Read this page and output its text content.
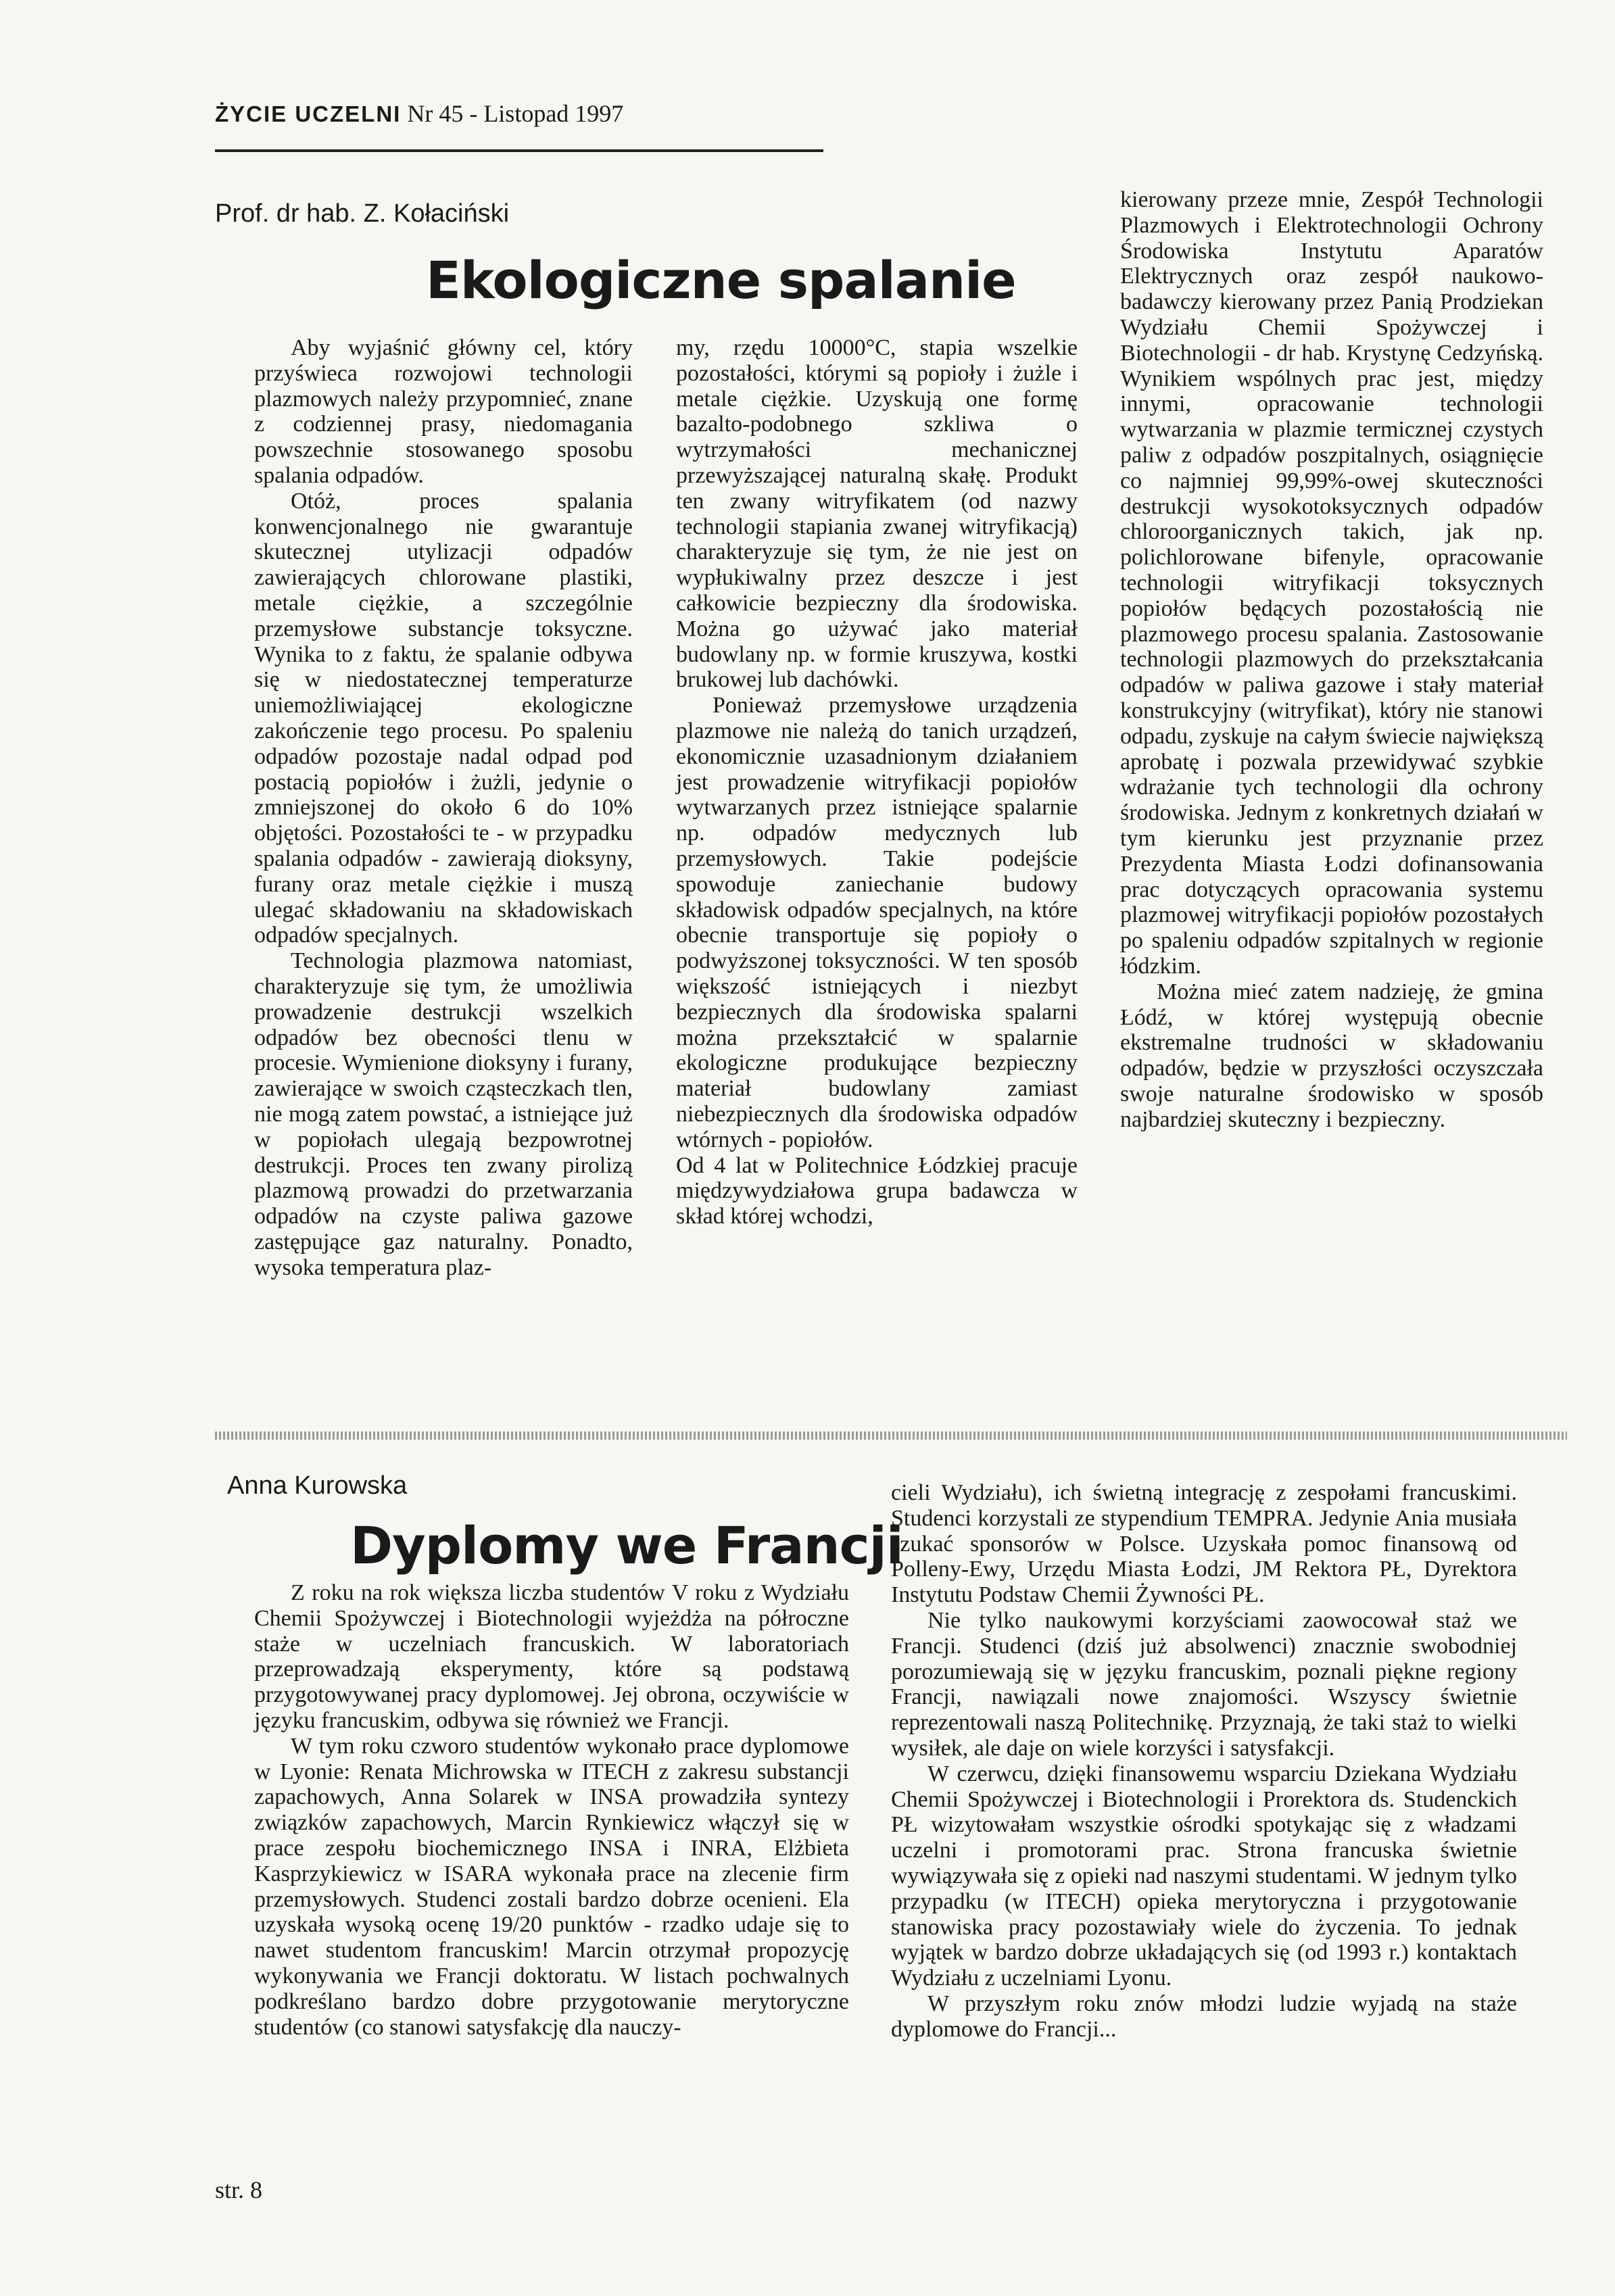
ŻYCIE UCZELNI Nr 45 - Listopad 1997
Prof. dr hab. Z. Kołaciński
Ekologiczne spalanie

Aby wyjaśnić główny cel, który przyświeca rozwojowi technologii plazmowych należy przypomnieć, znane z codziennej prasy, niedomagania powszechnie stosowanego sposobu spalania odpadów.

Otóż, proces spalania konwencjonalnego nie gwarantuje skutecznej utylizacji odpadów zawierających chlorowane plastiki, metale ciężkie, a szczególnie przemysłowe substancje toksyczne. Wynika to z faktu, że spalanie odbywa się w niedostatecznej temperaturze uniemożliwiającej ekologiczne zakończenie tego procesu. Po spaleniu odpadów pozostaje nadal odpad pod postacią popiołów i żużli, jedynie o zmniejszonej do około 6 do 10% objętości. Pozostałości te - w przypadku spalania odpadów - zawierają dioksyny, furany oraz metale ciężkie i muszą ulegać składowaniu na składowiskach odpadów specjalnych.

Technologia plazmowa natomiast, charakteryzuje się tym, że umożliwia prowadzenie destrukcji wszelkich odpadów bez obecności tlenu w procesie. Wymienione dioksyny i furany, zawierające w swoich cząsteczkach tlen, nie mogą zatem powstać, a istniejące już w popiołach ulegają bezpowrotnej destrukcji. Proces ten zwany pirolizą plazmową prowadzi do przetwarzania odpadów na czyste paliwa gazowe zastępujące gaz naturalny. Ponadto, wysoka temperatura plaz-

my, rzędu 10000°C, stapia wszelkie pozostałości, którymi są popioły i żużle i metale ciężkie. Uzyskują one formę bazalto-podobnego szkliwa o wytrzymałości mechanicznej przewyższającej naturalną skałę. Produkt ten zwany witryfikatem (od nazwy technologii stapiania zwanej witryfikacją) charakteryzuje się tym, że nie jest on wypłukiwalny przez deszcze i jest całkowicie bezpieczny dla środowiska. Można go używać jako materiał budowlany np. w formie kruszywa, kostki brukowej lub dachówki.

Ponieważ przemysłowe urządzenia plazmowe nie należą do tanich urządzeń, ekonomicznie uzasadnionym działaniem jest prowadzenie witryfikacji popiołów wytwarzanych przez istniejące spalarnie np. odpadów medycznych lub przemysłowych. Takie podejście spowoduje zaniechanie budowy składowisk odpadów specjalnych, na które obecnie transportuje się popioły o podwyższonej toksyczności. W ten sposób większość istniejących i niezbyt bezpiecznych dla środowiska spalarni można przekształcić w spalarnie ekologiczne produkujące bezpieczny materiał budowlany zamiast niebezpiecznych dla środowiska odpadów wtórnych - popiołów.

Od 4 lat w Politechnice Łódzkiej pracuje międzywydziałowa grupa badawcza w skład której wchodzi,

kierowany przeze mnie, Zespół Technologii Plazmowych i Elektrotechnologii Ochrony Środowiska Instytutu Aparatów Elektrycznych oraz zespół naukowo-badawczy kierowany przez Panią Prodziekan Wydziału Chemii Spożywczej i Biotechnologii - dr hab. Krystynę Cedzyńską. Wynikiem wspólnych prac jest, między innymi, opracowanie technologii wytwarzania w plazmie termicznej czystych paliw z odpadów poszpitalnych, osiągnięcie co najmniej 99,99%-owej skuteczności destrukcji wysokotoksycznych odpadów chloroorganicznych takich, jak np. polichlorowane bifenyle, opracowanie technologii witryfikacji toksycznych popiołów będących pozostałością nie plazmowego procesu spalania. Zastosowanie technologii plazmowych do przekształcania odpadów w paliwa gazowe i stały materiał konstrukcyjny (witryfikat), który nie stanowi odpadu, zyskuje na całym świecie największą aprobatę i pozwala przewidywać szybkie wdrażanie tych technologii dla ochrony środowiska. Jednym z konkretnych działań w tym kierunku jest przyznanie przez Prezydenta Miasta Łodzi dofinansowania prac dotyczących opracowania systemu plazmowej witryfikacji popiołów pozostałych po spaleniu odpadów szpitalnych w regionie łódzkim.

Można mieć zatem nadzieję, że gmina Łódź, w której występują obecnie ekstremalne trudności w składowaniu odpadów, będzie w przyszłości oczyszczała swoje naturalne środowisko w sposób najbardziej skuteczny i bezpieczny.

Anna Kurowska
Dyplomy we Francji

Z roku na rok większa liczba studentów V roku z Wydziału Chemii Spożywczej i Biotechnologii wyjeżdża na półroczne staże w uczelniach francuskich. W laboratoriach przeprowadzają eksperymenty, które są podstawą przygotowywanej pracy dyplomowej. Jej obrona, oczywiście w języku francuskim, odbywa się również we Francji.

W tym roku czworo studentów wykonało prace dyplomowe w Lyonie: Renata Michrowska w ITECH z zakresu substancji zapachowych, Anna Solarek w INSA prowadziła syntezy związków zapachowych, Marcin Rynkiewicz włączył się w prace zespołu biochemicznego INSA i INRA, Elżbieta Kasprzykiewicz w ISARA wykonała prace na zlecenie firm przemysłowych. Studenci zostali bardzo dobrze ocenieni. Ela uzyskała wysoką ocenę 19/20 punktów - rzadko udaje się to nawet studentom francuskim! Marcin otrzymał propozycję wykonywania we Francji doktoratu. W listach pochwalnych podkreślano bardzo dobre przygotowanie merytoryczne studentów (co stanowi satysfakcję dla nauczy-

cieli Wydziału), ich świetną integrację z zespołami francuskimi. Studenci korzystali ze stypendium TEMPRA. Jedynie Ania musiała szukać sponsorów w Polsce. Uzyskała pomoc finansową od Polleny-Ewy, Urzędu Miasta Łodzi, JM Rektora PŁ, Dyrektora Instytutu Podstaw Chemii Żywności PŁ.

Nie tylko naukowymi korzyściami zaowocował staż we Francji. Studenci (dziś już absolwenci) znacznie swobodniej porozumiewają się w języku francuskim, poznali piękne regiony Francji, nawiązali nowe znajomości. Wszyscy świetnie reprezentowali naszą Politechnikę. Przyznają, że taki staż to wielki wysiłek, ale daje on wiele korzyści i satysfakcji.

W czerwcu, dzięki finansowemu wsparciu Dziekana Wydziału Chemii Spożywczej i Biotechnologii i Prorektora ds. Studenckich PŁ wizytowałam wszystkie ośrodki spotykając się z władzami uczelni i promotorami prac. Strona francuska świetnie wywiązywała się z opieki nad naszymi studentami. W jednym tylko przypadku (w ITECH) opieka merytoryczna i przygotowanie stanowiska pracy pozostawiały wiele do życzenia. To jednak wyjątek w bardzo dobrze układających się (od 1993 r.) kontaktach Wydziału z uczelniami Lyonu.

W przyszłym roku znów młodzi ludzie wyjadą na staże dyplomowe do Francji...

str. 8
